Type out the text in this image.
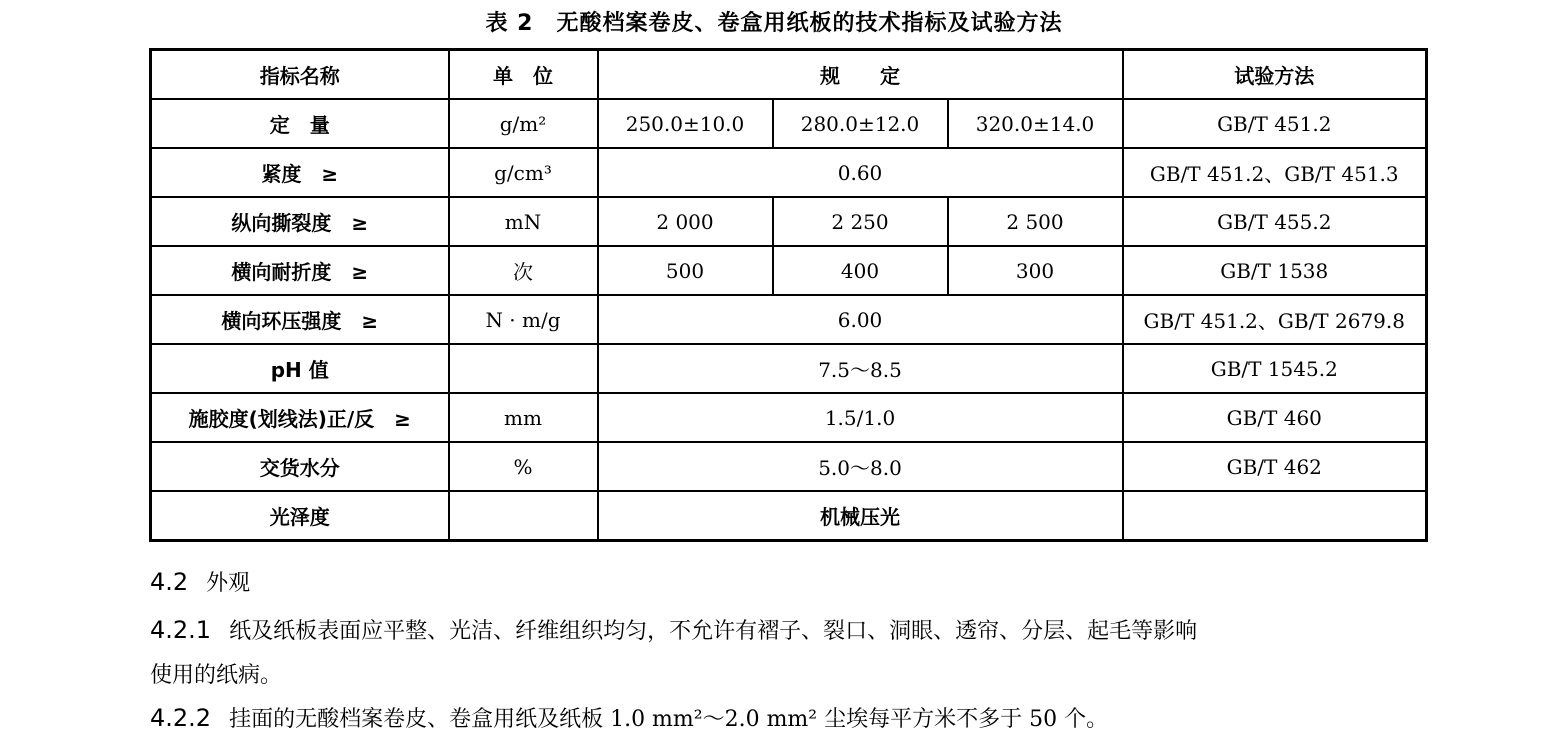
表 2　无酸档案卷皮、卷盒用纸板的技术指标及试验方法
指标名称	单　位	规　　定			试验方法
定　量	g/m²	250.0±10.0	280.0±12.0	320.0±14.0	GB/T 451.2
紧度　≥	g/cm³	0.60			GB/T 451.2、GB/T 451.3
纵向撕裂度　≥	mN	2 000	2 250	2 500	GB/T 455.2
横向耐折度　≥	次	500	400	300	GB/T 1538
横向环压强度　≥	N · m/g	6.00			GB/T 451.2、GB/T 2679.8
pH 值		7.5～8.5			GB/T 1545.2
施胶度(划线法)正/反　≥	mm	1.5/1.0			GB/T 460
交货水分	%	5.0～8.0			GB/T 462
光泽度		机械压光			
4.2 外观
4.2.1 纸及纸板表面应平整、光洁、纤维组织均匀，不允许有褶子、裂口、洞眼、透帘、分层、起毛等影响
使用的纸病。
4.2.2 挂面的无酸档案卷皮、卷盒用纸及纸板 1.0 mm²～2.0 mm² 尘埃每平方米不多于 50 个。
